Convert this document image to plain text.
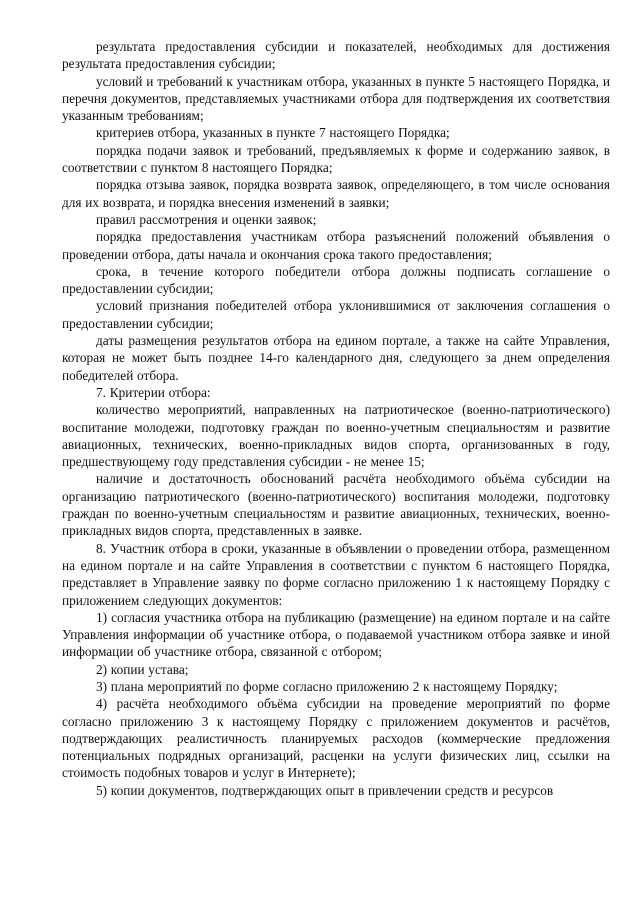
результата предоставления субсидии и показателей, необходимых для достижения результата предоставления субсидии;

условий и требований к участникам отбора, указанных в пункте 5 настоящего Порядка, и перечня документов, представляемых участниками отбора для подтверждения их соответствия указанным требованиям;

критериев отбора, указанных в пункте 7 настоящего Порядка;

порядка подачи заявок и требований, предъявляемых к форме и содержанию заявок, в соответствии с пунктом 8 настоящего Порядка;

порядка отзыва заявок, порядка возврата заявок, определяющего, в том числе основания для их возврата, и порядка внесения изменений в заявки;

правил рассмотрения и оценки заявок;

порядка предоставления участникам отбора разъяснений положений объявления о проведении отбора, даты начала и окончания срока такого предоставления;

срока, в течение которого победители отбора должны подписать соглашение о предоставлении субсидии;

условий признания победителей отбора уклонившимися от заключения соглашения о предоставлении субсидии;

даты размещения результатов отбора на едином портале, а также на сайте Управления, которая не может быть позднее 14-го календарного дня, следующего за днем определения победителей отбора.

7. Критерии отбора:

количество мероприятий, направленных на патриотическое (военно-патриотического) воспитание молодежи, подготовку граждан по военно-учетным специальностям и развитие авиационных, технических, военно-прикладных видов спорта, организованных в году, предшествующему году представления субсидии - не менее 15;

наличие и достаточность обоснований расчёта необходимого объёма субсидии на организацию патриотического (военно-патриотического) воспитания молодежи, подготовку граждан по военно-учетным специальностям и развитие авиационных, технических, военно-прикладных видов спорта, представленных в заявке.

8. Участник отбора в сроки, указанные в объявлении о проведении отбора, размещенном на едином портале и на сайте Управления в соответствии с пунктом 6 настоящего Порядка, представляет в Управление заявку по форме согласно приложению 1 к настоящему Порядку с приложением следующих документов:

1) согласия участника отбора на публикацию (размещение) на едином портале и на сайте Управления информации об участнике отбора, о подаваемой участником отбора заявке и иной информации об участнике отбора, связанной с отбором;

2) копии устава;

3) плана мероприятий по форме согласно приложению 2 к настоящему Порядку;

4) расчёта необходимого объёма субсидии на проведение мероприятий по форме согласно приложению 3 к настоящему Порядку с приложением документов и расчётов, подтверждающих реалистичность планируемых расходов (коммерческие предложения потенциальных подрядных организаций, расценки на услуги физических лиц, ссылки на стоимость подобных товаров и услуг в Интернете);

5) копии документов, подтверждающих опыт в привлечении средств и ресурсов
